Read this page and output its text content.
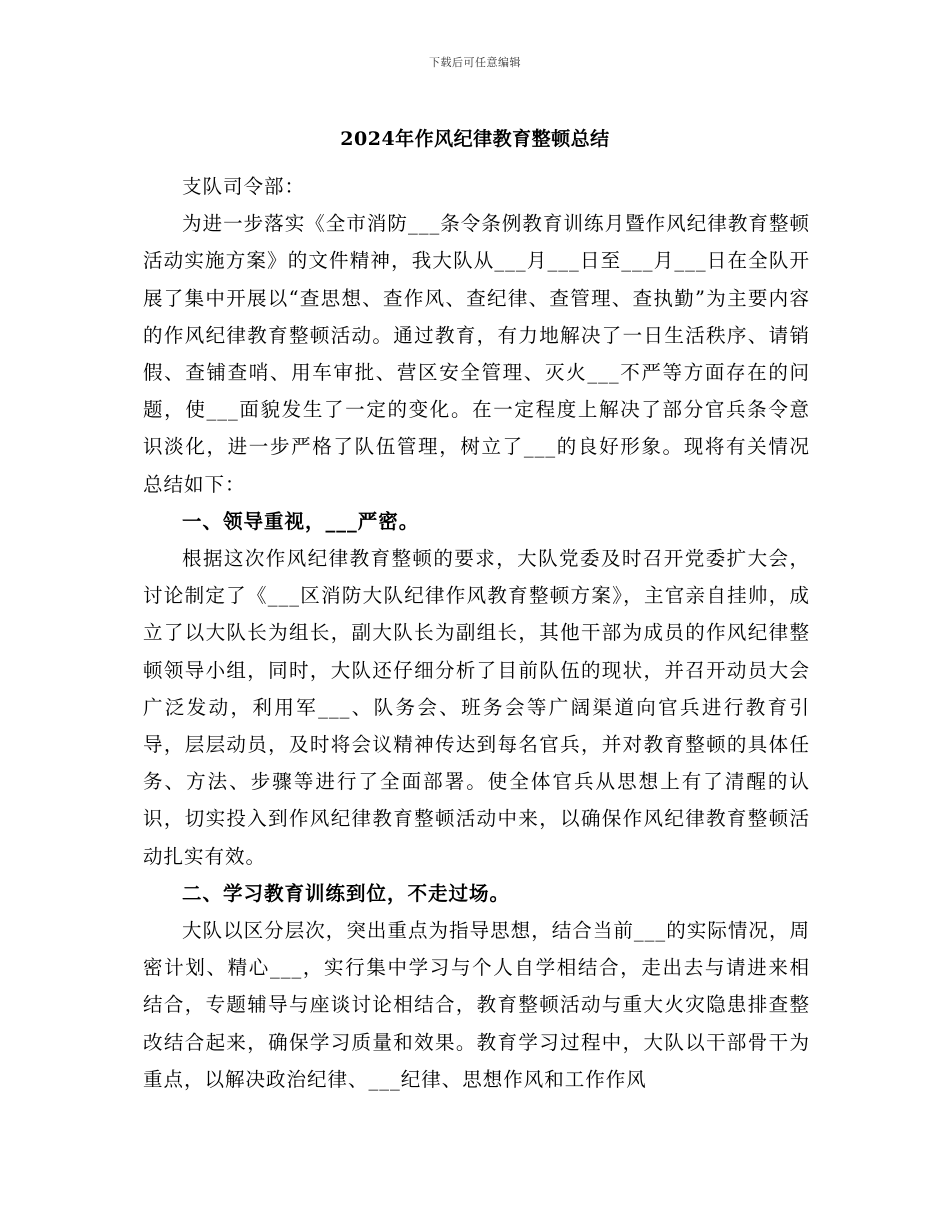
下载后可任意编辑
2024年作风纪律教育整顿总结

支队司令部：

为进一步落实《全市消防___条令条例教育训练月暨作风纪律教育整顿活动实施方案》的文件精神，我大队从___月___日至___月___日在全队开展了集中开展以“查思想、查作风、查纪律、查管理、查执勤”为主要内容的作风纪律教育整顿活动。通过教育，有力地解决了一日生活秩序、请销假、查铺查哨、用车审批、营区安全管理、灭火___不严等方面存在的问题，使___面貌发生了一定的变化。在一定程度上解决了部分官兵条令意识淡化，进一步严格了队伍管理，树立了___的良好形象。现将有关情况总结如下：

一、领导重视，___严密。

根据这次作风纪律教育整顿的要求，大队党委及时召开党委扩大会，讨论制定了《___区消防大队纪律作风教育整顿方案》，主官亲自挂帅，成立了以大队长为组长，副大队长为副组长，其他干部为成员的作风纪律整顿领导小组，同时，大队还仔细分析了目前队伍的现状，并召开动员大会广泛发动，利用军___、队务会、班务会等广阔渠道向官兵进行教育引导，层层动员，及时将会议精神传达到每名官兵，并对教育整顿的具体任务、方法、步骤等进行了全面部署。使全体官兵从思想上有了清醒的认识，切实投入到作风纪律教育整顿活动中来，以确保作风纪律教育整顿活动扎实有效。

二、学习教育训练到位，不走过场。

大队以区分层次，突出重点为指导思想，结合当前___的实际情况，周密计划、精心___，实行集中学习与个人自学相结合，走出去与请进来相结合，专题辅导与座谈讨论相结合，教育整顿活动与重大火灾隐患排查整改结合起来，确保学习质量和效果。教育学习过程中，大队以干部骨干为重点，以解决政治纪律、___纪律、思想作风和工作作风
